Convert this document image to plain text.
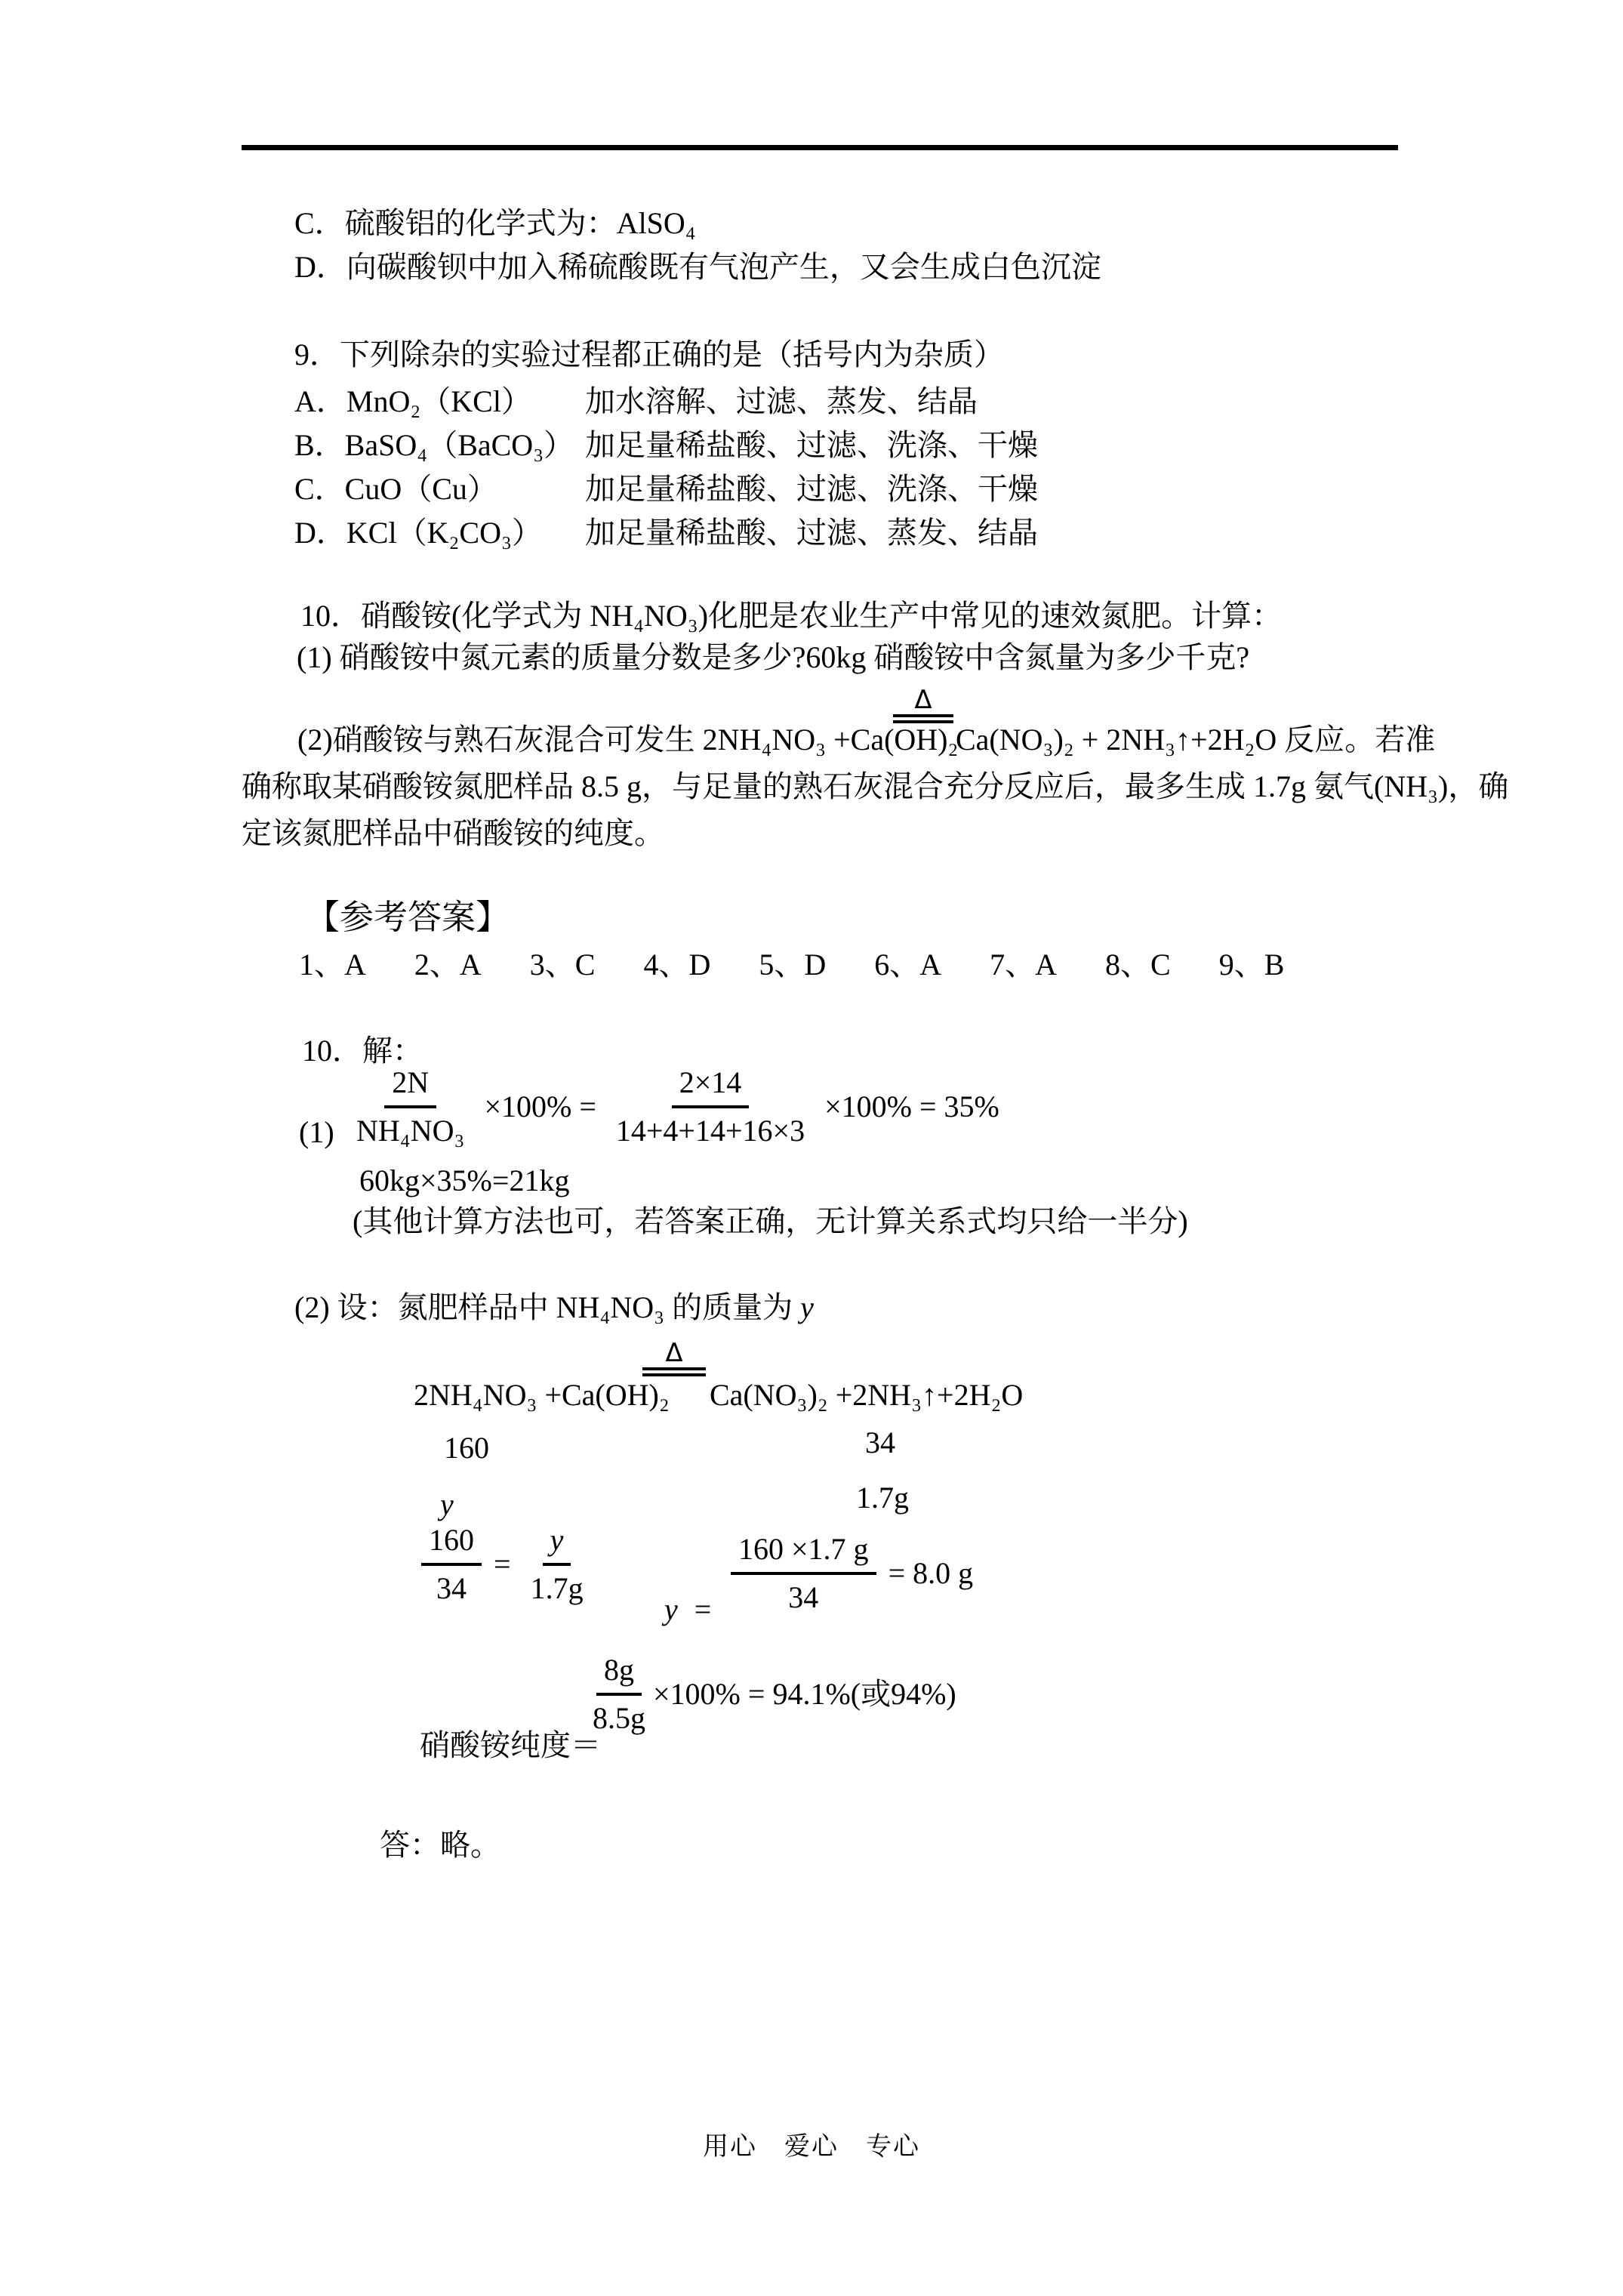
C．硫酸铝的化学式为：AlSO₄
D．向碳酸钡中加入稀硫酸既有气泡产生，又会生成白色沉淀
9．下列除杂的实验过程都正确的是（括号内为杂质）
A．MnO₂（KCl） 加水溶解、过滤、蒸发、结晶
B．BaSO₄（BaCO₃） 加足量稀盐酸、过滤、洗涤、干燥
C．CuO（Cu）	加足量稀盐酸、过滤、洗涤、干燥
D．KCl（K₂CO₃） 加足量稀盐酸、过滤、蒸发、结晶
10．硝酸铵(化学式为 NH₄NO₃)化肥是农业生产中常见的速效氮肥。计算：
(1) 硝酸铵中氮元素的质量分数是多少?60kg 硝酸铵中含氮量为多少千克?
(2)硝酸铵与熟石灰混合可发生 2NH₄NO₃ +Ca(OH)₂
Δ
Ca(NO₃)₂ + 2NH₃↑+2H₂O 反应。若准
确称取某硝酸铵氮肥样品 8.5 g，与足量的熟石灰混合充分反应后，最多生成 1.7g 氨气(NH₃)，确
定该氮肥样品中硝酸铵的纯度。
【参考答案】
1、A 2、A 3、C 4、D 5、D 6、A 7、A 8、C 9、B
10．解：
$(1) \frac{2N}{\text{NH₄NO₃}} \times 100\% = \frac{2\times 14}{14+4+14+16\times 3} \times 100\% = 35\%$
60kg×35%=21kg
(其他计算方法也可，若答案正确，无计算关系式均只给一半分)
(2) 设：氮肥样品中 NH₄NO₃ 的质量为 y
2NH₄NO₃ +Ca(OH)₂
Δ
Ca(NO₃)₂ +2NH₃↑+2H₂O
160	34
y	1.7g
$\frac{160}{34} = \frac{y}{1.7g}$
$y = \frac{160 \times 1.7 g}{34} = 8.0$ g
硝酸铵纯度＝
$\frac{8g}{8.5g} \times 100\% = 94.1\%$(或94%)
答：略。
用心　爱心　专心
